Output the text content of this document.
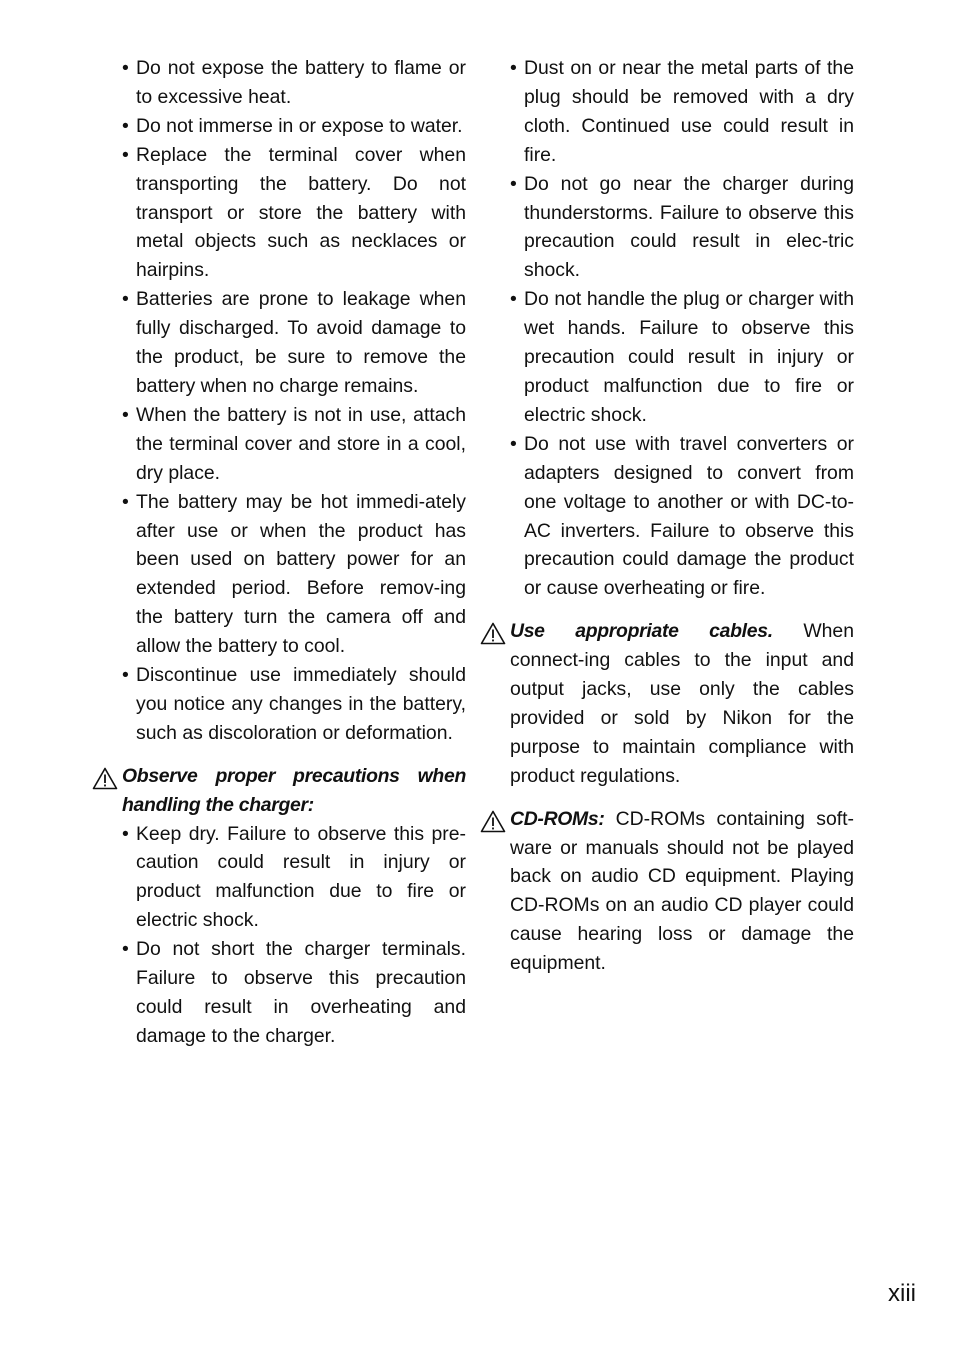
• Do not expose the battery to flame or to excessive heat.
• Do not immerse in or expose to water.
• Replace the terminal cover when transporting the battery. Do not transport or store the battery with metal objects such as necklaces or hairpins.
• Batteries are prone to leakage when fully discharged. To avoid damage to the product, be sure to remove the battery when no charge remains.
• When the battery is not in use, attach the terminal cover and store in a cool, dry place.
• The battery may be hot immedi-ately after use or when the product has been used on battery power for an extended period. Before remov-ing the battery turn the camera off and allow the battery to cool.
• Discontinue use immediately should you notice any changes in the battery, such as discoloration or deformation.
Observe proper precautions when handling the charger:
• Keep dry. Failure to observe this pre-caution could result in injury or product malfunction due to fire or electric shock.
• Do not short the charger terminals. Failure to observe this precaution could result in overheating and damage to the charger.
• Dust on or near the metal parts of the plug should be removed with a dry cloth. Continued use could result in fire.
• Do not go near the charger during thunderstorms. Failure to observe this precaution could result in elec-tric shock.
• Do not handle the plug or charger with wet hands. Failure to observe this precaution could result in injury or product malfunction due to fire or electric shock.
• Do not use with travel converters or adapters designed to convert from one voltage to another or with DC-to-AC inverters. Failure to observe this precaution could damage the product or cause overheating or fire.
Use appropriate cables. When connect-ing cables to the input and output jacks, use only the cables provided or sold by Nikon for the purpose to maintain compliance with product regulations.
CD-ROMs: CD-ROMs containing soft-ware or manuals should not be played back on audio CD equipment. Playing CD-ROMs on an audio CD player could cause hearing loss or damage the equipment.
xiii
